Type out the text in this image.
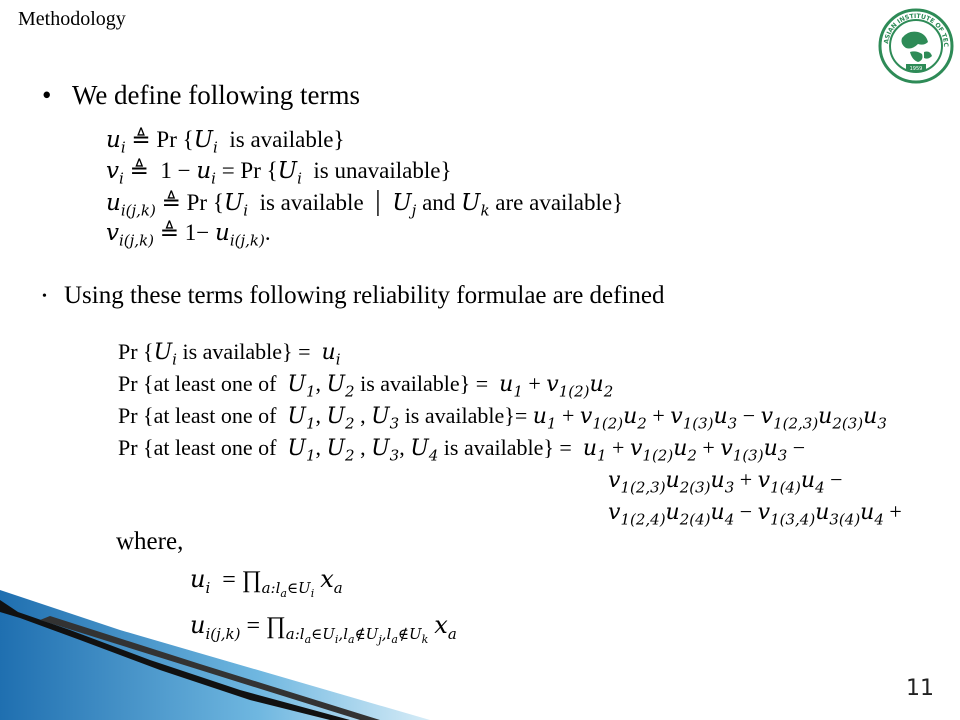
Methodology
ASIAN INSTITUTE OF TEC
1959
• We define following terms
$u_i$ ≜ Pr {$U_i$  is available}
$v_i$ ≜  $1 - u_i = Pr$ {$U_i$  is unavailable}
$u_{i(j,k)}$ ≜ Pr {$U_i$  is available  | $U_j$ and $U_k$ are available}
$v_{i(j,k)}$ ≜ $1- u_{i(j,k)}$.
• Using these terms following reliability formulae are defined
Pr {$U_i$ is available} =  $u_i$
Pr {at least one of  $U_1$, $U_2$ is available} =  $u_1 + v_{1(2)}u_2$
Pr {at least one of  $U_1$, $U_2$ , $U_3$ is available}= $u_1 + v_{1(2)}u_2 + v_{1(3)}u_3 - v_{1(2,3)}u_{2(3)}u_3$
Pr {at least one of  $U_1$, $U_2$ , $U_3$, $U_4$ is available} =  $u_1 + v_{1(2)}u_2 + v_{1(3)}u_3$ −
$v_{1(2,3)}u_{2(3)}u_3 + v_{1(4)}u_4$ −
$v_{1(2,4)}u_{2(4)}u_4 - v_{1(3,4)}u_{3(4)}u_4$ +
where,
$u_i$  = $\prod_{a:l_a\in U_i}$ $x_a$
$u_{i(j,k)}$ = $\prod_{a:l_a\in U_i,l_a\notin U_j,l_a\notin U_k}$ $x_a$
11
